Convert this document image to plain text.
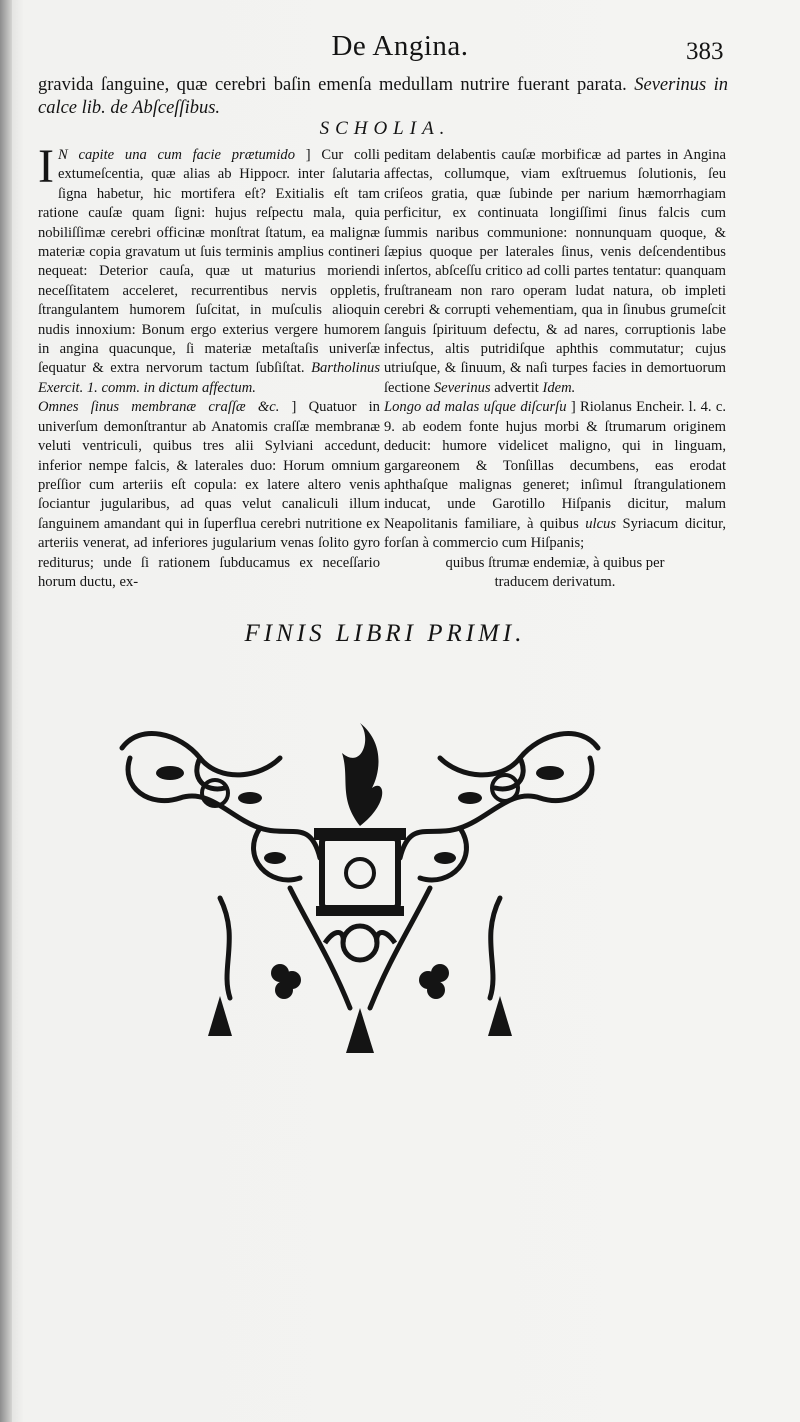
De Angina.	383
gravida ſanguine, quæ cerebri baſin emenſa medullam nutrire fuerant parata. Severinus in calce lib. de Abſceſſibus.
SCHOLIA.

I N capite una cum facie prætumido ] Cur colli extumeſcentia, quæ alias ab Hippocr. inter ſalutaria ſigna habetur, hic mortifera eſt? Exitialis eſt tam ratione cauſæ quam ſigni: hujus reſpectu mala, quia nobiliſſimæ cerebri officinæ monſtrat ſtatum, ea malignæ materiæ copia gravatum ut ſuis terminis amplius contineri nequeat: Deterior cauſa, quæ ut maturius moriendi neceſſitatem acceleret, recurrentibus nervis oppletis, ſtrangulantem humorem ſuſcitat, in muſculis alioquin nudis innoxium: Bonum ergo exterius vergere humorem in angina quacunque, ſi materiæ metaſtaſis univerſæ ſequatur & extra nervorum tactum ſubſiſtat. Bartholinus Exercit. 1. comm. in dictum affectum.

Omnes ſinus membranæ craſſæ &c. ] Quatuor in univerſum demonſtrantur ab Anatomis craſſæ membranæ veluti ventriculi, quibus tres alii Sylviani accedunt, inferior nempe falcis, & laterales duo: Horum omnium preſſior cum arteriis eſt copula: ex latere altero venis ſociantur jugularibus, ad quas velut canaliculi illum ſanguinem amandant qui in ſuperflua cerebri nutritione ex arteriis venerat, ad inferiores jugularium venas ſolito gyro rediturus; unde ſi rationem ſubducamus ex neceſſario horum ductu, ex-

peditam delabentis cauſæ morbificæ ad partes in Angina affectas, collumque, viam exſtruemus ſolutionis, ſeu criſeos gratia, quæ ſubinde per narium hæmorrhagiam perficitur, ex continuata longiſſimi ſinus falcis cum ſummis naribus communione: nonnunquam quoque, & ſæpius quoque per laterales ſinus, venis deſcendentibus inſertos, abſceſſu critico ad colli partes tentatur: quanquam fruſtraneam non raro operam ludat natura, ob impleti cerebri & corrupti vehementiam, qua in ſinubus grumeſcit ſanguis ſpirituum defectu, & ad nares, corruptionis labe infectus, altis putridiſque aphthis commutatur; cujus utriuſque, & ſinuum, & naſi turpes facies in demortuorum ſectione Severinus advertit Idem.

Longo ad malas uſque diſcurſu ] Riolanus Encheir. l. 4. c. 9. ab eodem fonte hujus morbi & ſtrumarum originem deducit: humore videlicet maligno, qui in linguam, gargareonem & Tonſillas decumbens, eas erodat aphthaſque malignas generet; inſimul ſtrangulationem inducat, unde Garotillo Hiſpanis dicitur, malum Neapolitanis familiare, à quibus ulcus Syriacum dicitur, forſan à commercio cum Hiſpanis;

quibus ſtrumæ endemiæ, à quibus per
traducem derivatum.
FINIS LIBRI PRIMI.
